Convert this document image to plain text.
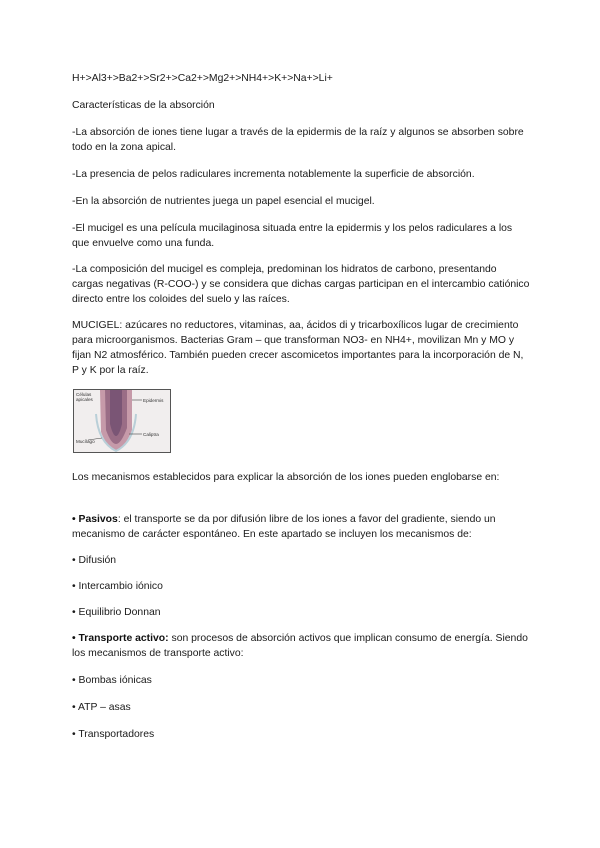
H+>Al3+>Ba2+>Sr2+>Ca2+>Mg2+>NH4+>K+>Na+>Li+

Características de la absorción

-La absorción de iones tiene lugar a través de la epidermis de la raíz y algunos se absorben sobre todo en la zona apical.

-La presencia de pelos radiculares incrementa notablemente la superficie de absorción.

-En la absorción de nutrientes juega un papel esencial el mucigel.

-El mucigel es una película mucilaginosa situada entre la epidermis y los pelos radiculares a los que envuelve como una funda.

-La composición del mucigel es compleja, predominan los hidratos de carbono, presentando cargas negativas (R-COO-) y se considera que dichas cargas participan en el intercambio catiónico directo entre los coloides del suelo y las raíces.

MUCIGEL: azúcares no reductores, vitaminas, aa, ácidos di y tricarboxílicos lugar de crecimiento para microorganismos. Bacterias Gram – que transforman NO3- en NH4+, movilizan Mn y MO y fijan N2 atmosférico. También pueden crecer ascomicetos importantes para la incorporación de N, P y K por la raíz.

Células
apicales	Epidermis
Caliptra
Mucílago

Los mecanismos establecidos para explicar la absorción de los iones pueden englobarse en:

• Pasivos: el transporte se da por difusión libre de los iones a favor del gradiente, siendo un mecanismo de carácter espontáneo. En este apartado se incluyen los mecanismos de:

• Difusión

• Intercambio iónico

• Equilibrio Donnan

• Transporte activo: son procesos de absorción activos que implican consumo de energía. Siendo los mecanismos de transporte activo:

• Bombas iónicas

• ATP – asas

• Transportadores
